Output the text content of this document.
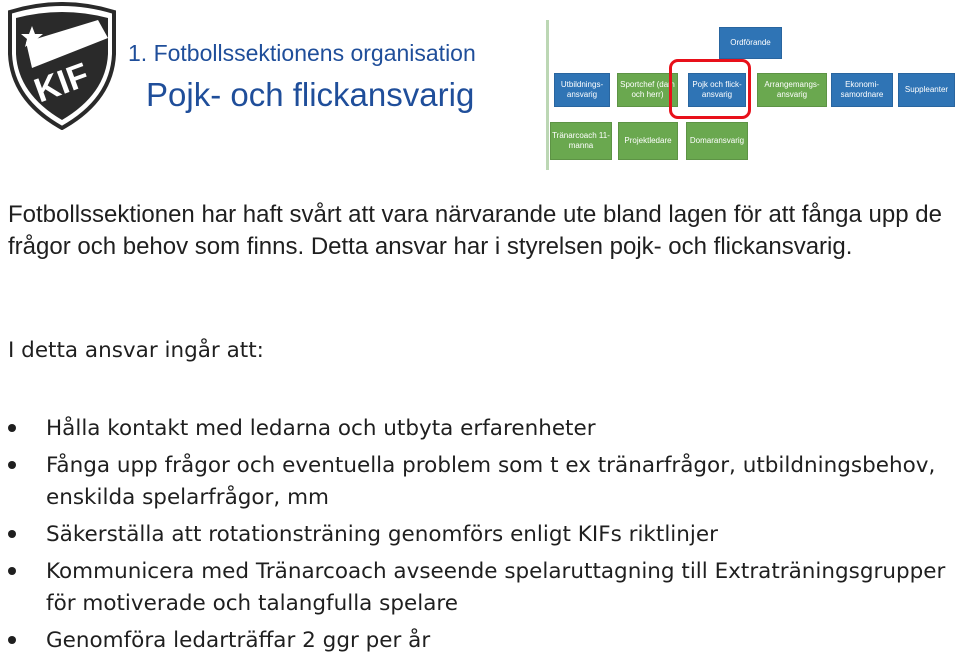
KIF
1. Fotbollssektionens organisation
Pojk- och flickansvarig
Ordförande
Utbildnings- ansvarig
Sportchef (dam och herr)
Pojk och flick- ansvarig
Arrangemangs- ansvarig
Ekonomi- samordnare
Suppleanter
Tränarcoach 11-manna
Projektledare	Domaransvarig

Fotbollssektionen har haft svårt att vara närvarande ute bland lagen för att fånga upp de frågor och behov som finns. Detta ansvar har i styrelsen pojk- och flickansvarig.

I detta ansvar ingår att:
Hålla kontakt med ledarna och utbyta erfarenheter
Fånga upp frågor och eventuella problem som t ex tränarfrågor, utbildningsbehov, enskilda spelarfrågor, mm
Säkerställa att rotationsträning genomförs enligt KIFs riktlinjer
Kommunicera med Tränarcoach avseende spelaruttagning till Extraträningsgrupper för motiverade och talangfulla spelare
Genomföra ledarträffar 2 ggr per år
